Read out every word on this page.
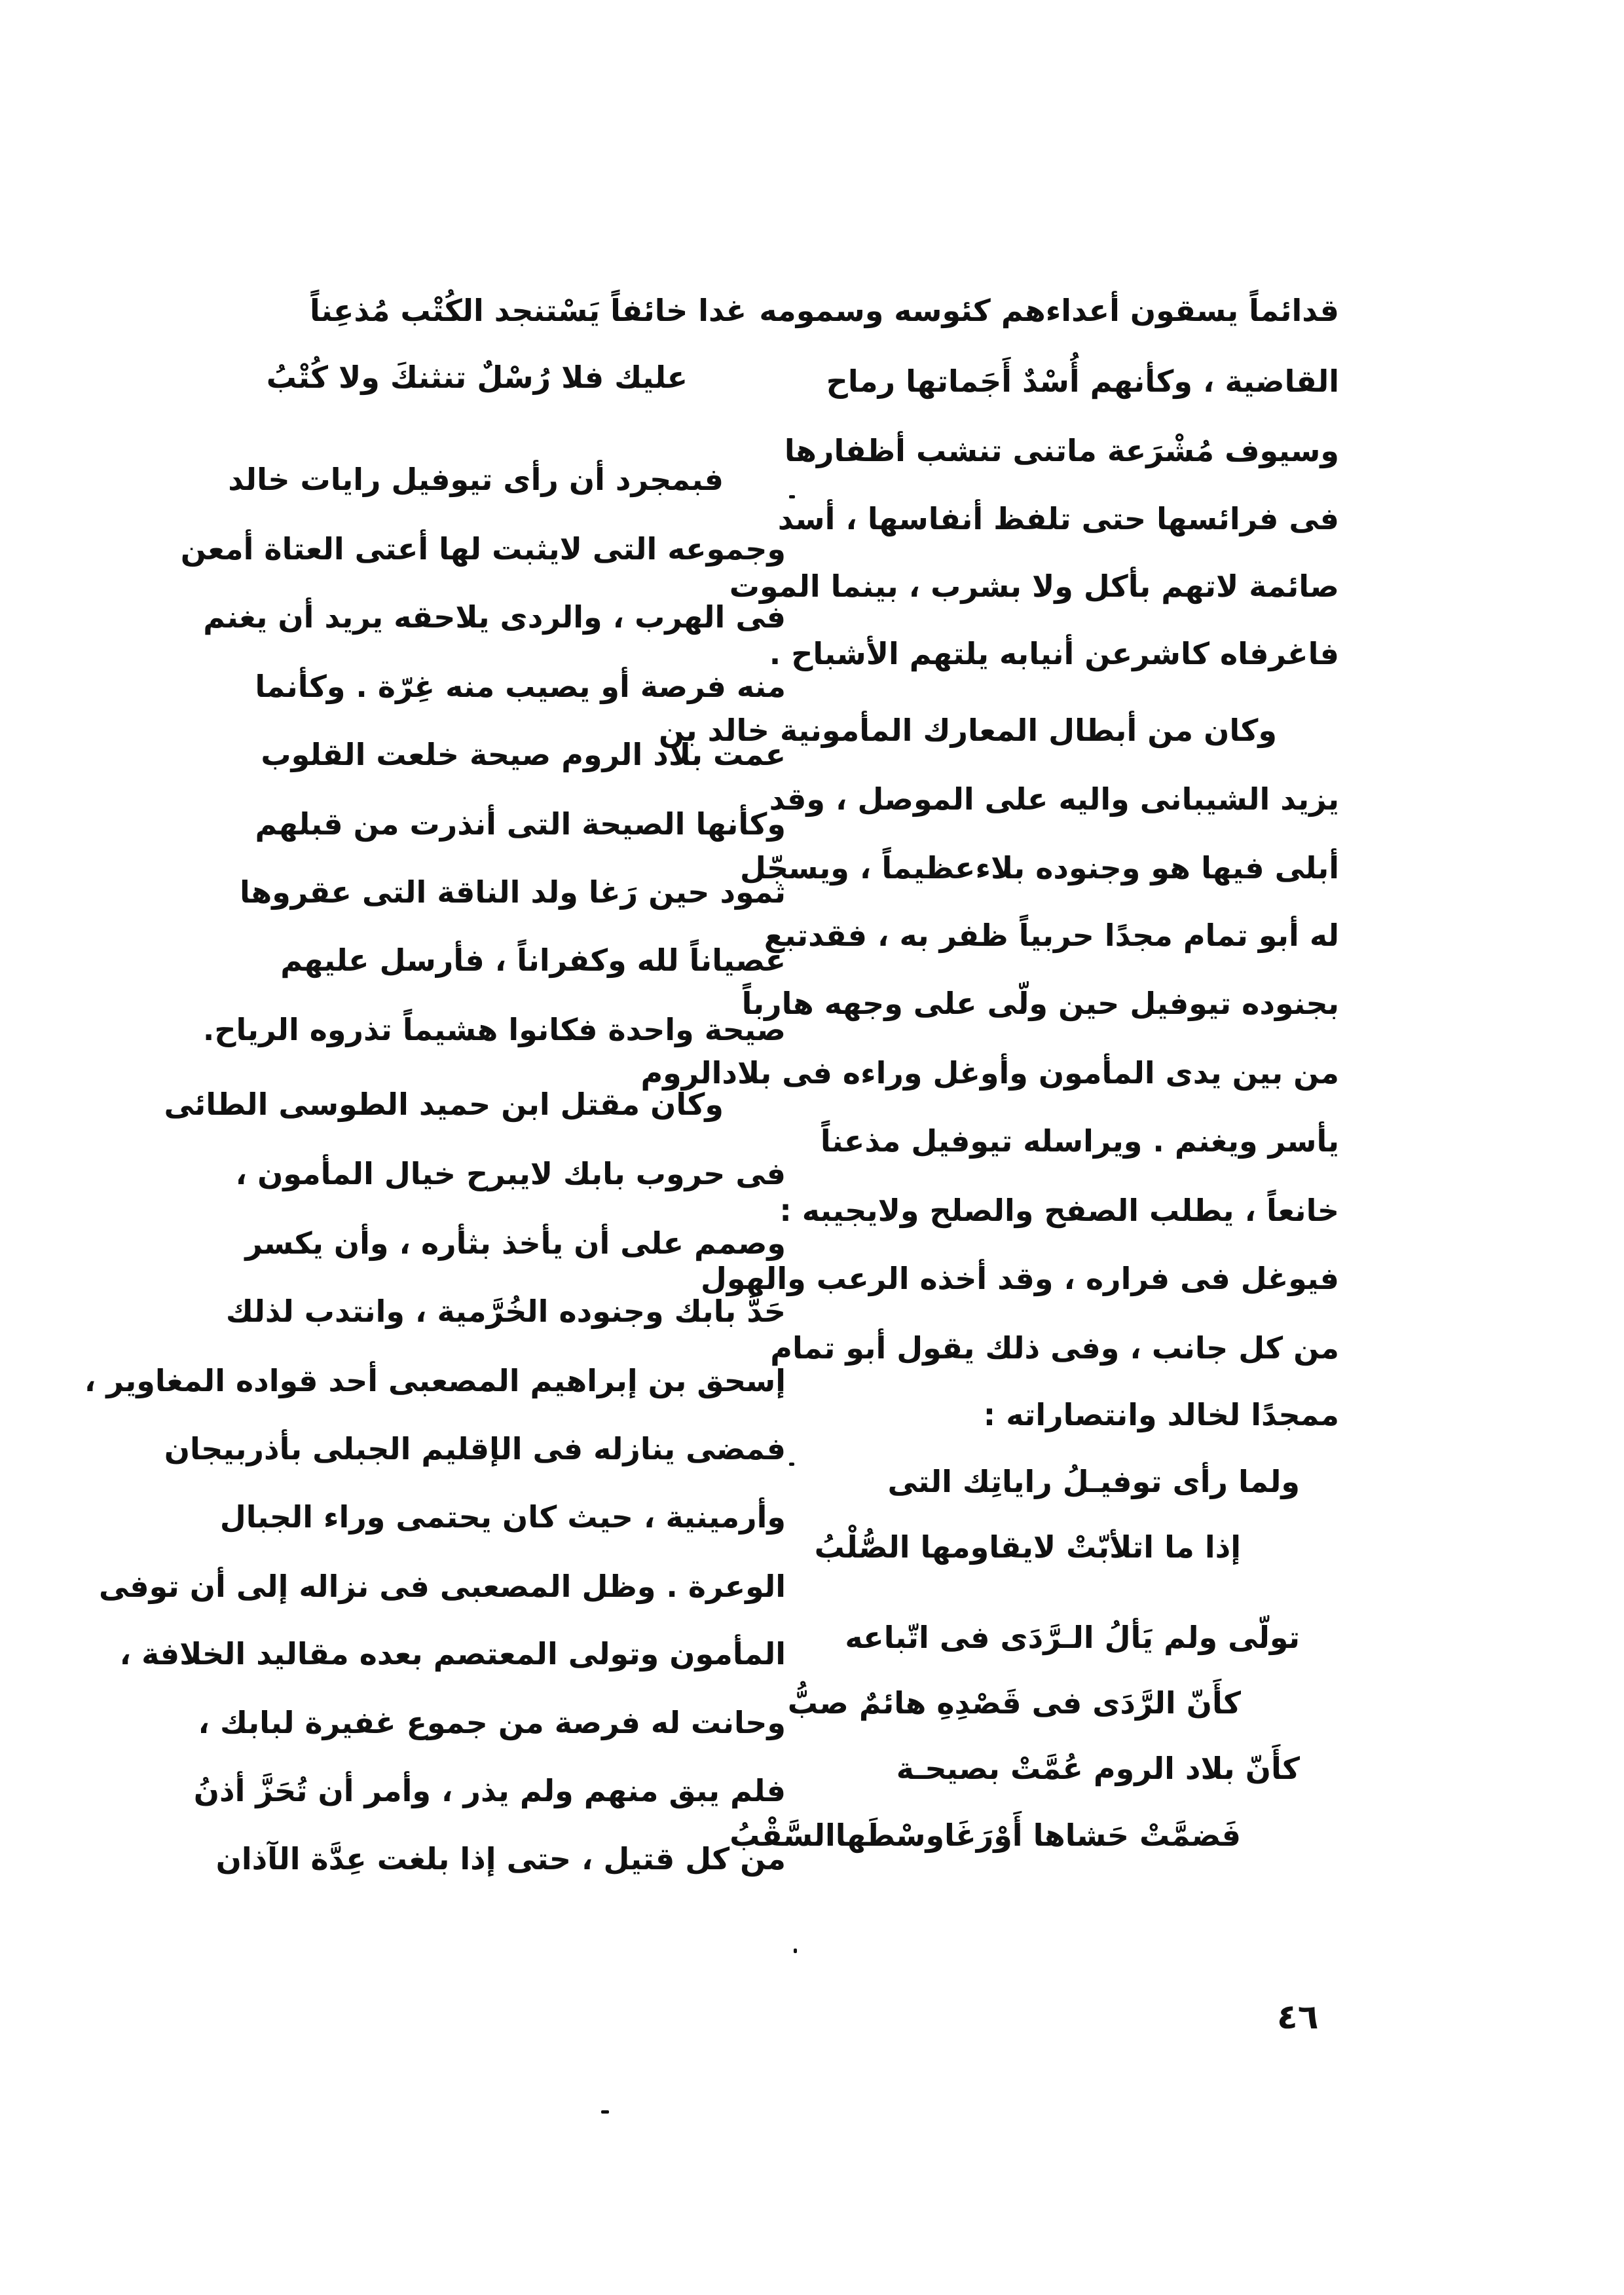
قدائماً يسقون أعداءهم كئوسه وسمومه
القاضية ، وكأنهم أُسْدٌ أَجَماتها رماح
وسيوف مُشْرَعة ماتنى تنشب أظفارها
فى فرائسها حتى تلفظ أنفاسها ، أسد
صائمة لاتهم بأكل ولا بشرب ، بينما الموت
فاغرفاه كاشرعن أنيابه يلتهم الأشباح .
وكان من أبطال المعارك المأمونية خالد بن
يزيد الشيبانى واليه على الموصل ، وقد
أبلى فيها هو وجنوده بلاءعظيماً ، ويسجّل
له أبو تمام مجدًا حربياً ظفر به ، فقدتبع
بجنوده تيوفيل حين ولّى على وجهه هارباً
من بين يدى المأمون وأوغل وراءه فى بلادالروم
يأسر ويغنم . ويراسله تيوفيل مذعناً
خانعاً ، يطلب الصفح والصلح ولايجيبه :
فيوغل فى فراره ، وقد أخذه الرعب والهول
من كل جانب ، وفى ذلك يقول أبو تمام
ممجدًا لخالد وانتصاراته :
ولما رأى توفيـلُ راياتِك التى
إذا ما اتلأبّتْ لايقاومها الصُّلْبُ
تولّى ولم يَألُ الـرَّدَى فى اتّباعه
كأَنّ الرَّدَى فى قَصْدِهِ هائمٌ صبُّ
كأَنّ بلاد الروم عُمَّتْ بصيحـة
فَضمَّتْ حَشاها أَوْرَغَاوسْطَهاالسَّقْبُ
غدا خائفاً يَسْتنجد الكُتْب مُذعِناً
عليك فلا رُسْلٌ تنثنكَ ولا كُتْبُ
فبمجرد أن رأى تيوفيل رايات خالد
وجموعه التى لايثبت لها أعتى العتاة أمعن
فى الهرب ، والردى يلاحقه يريد أن يغنم
منه فرصة أو يصيب منه غِرّة . وكأنما
عمت بلاد الروم صيحة خلعت القلوب
وكأنها الصيحة التى أنذرت من قبلهم
ثمود حين رَغا ولد الناقة التى عقروها
عصياناً لله وكفراناً ، فأرسل عليهم
صيحة واحدة فكانوا هشيماً تذروه الرياح.
وكان مقتل ابن حميد الطوسى الطائى
فى حروب بابك لايبرح خيال المأمون ،
وصمم على أن يأخذ بثأره ، وأن يكسر
حَدَّ بابك وجنوده الخُرَّمية ، وانتدب لذلك
إسحق بن إبراهيم المصعبى أحد قواده المغاوير ،
فمضى ينازله فى الإقليم الجبلى بأذربيجان
وأرمينية ، حيث كان يحتمى وراء الجبال
الوعرة . وظل المصعبى فى نزاله إلى أن توفى
المأمون وتولى المعتصم بعده مقاليد الخلافة ،
وحانت له فرصة من جموع غفيرة لبابك ،
فلم يبق منهم ولم يذر ، وأمر أن تُحَزَّ أذنُ
من كل قتيل ، حتى إذا بلغت عِدَّة الآذان
٤٦
